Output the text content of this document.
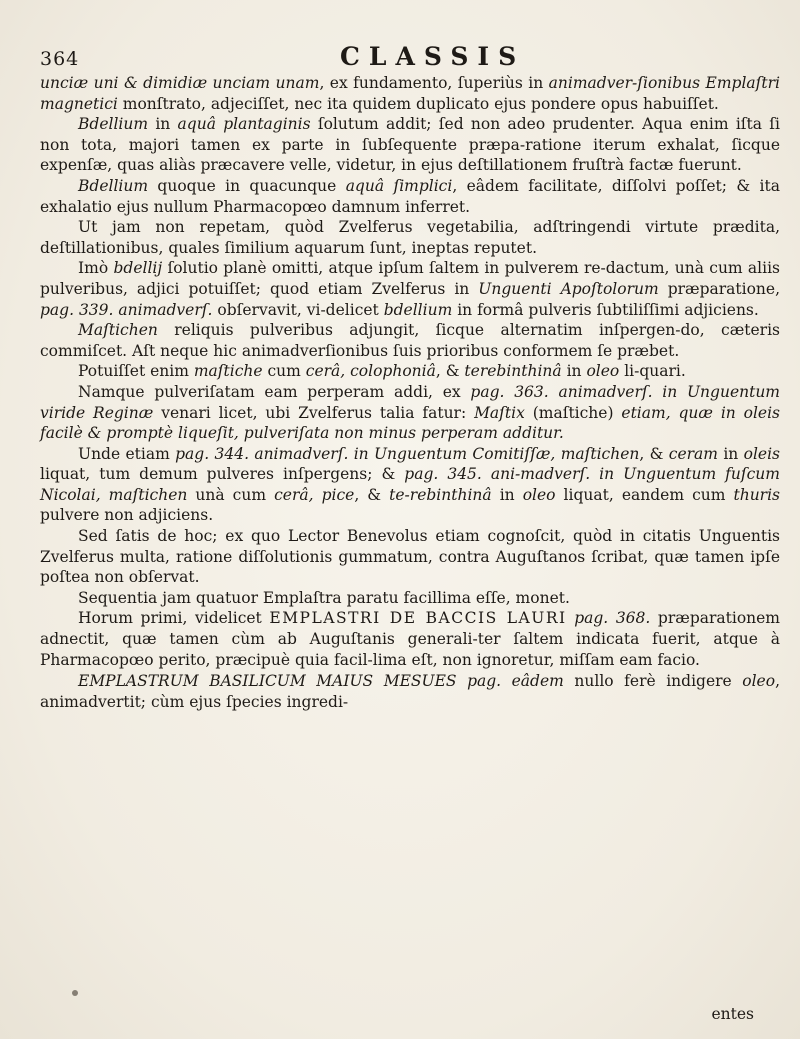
364	CLASSIS

unciæ uni & dimidiæ unciam unam, ex fundamento, ſuperiùs in animadver-ſionibus Emplaſtri magnetici monſtrato, adjeciſſet, nec ita quidem duplicato ejus pondere opus habuiſſet.

Bdellium in aquâ plantaginis ſolutum addit; ſed non adeo prudenter. Aqua enim iſta ſi non tota, majori tamen ex parte in ſubſequente præpa-ratione iterum exhalat, ſicque expenſæ, quas aliàs præcavere velle, videtur, in ejus deſtillationem fruſtrà factæ fuerunt.

Bdellium quoque in quacunque aquâ ſimplici, eâdem facilitate, diſſolvi poſſet; & ita exhalatio ejus nullum Pharmacopœo damnum inferret.

Ut jam non repetam, quòd Zvelferus vegetabilia, adſtringendi virtute prædita, deſtillationibus, quales ſimilium aquarum ſunt, ineptas reputet.

Imò bdellij ſolutio planè omitti, atque ipſum ſaltem in pulverem re-dactum, unà cum aliis pulveribus, adjici potuiſſet; quod etiam Zvelferus in Unguenti Apoſtolorum præparatione, pag. 339. animadverſ. obſervavit, vi-delicet bdellium in formâ pulveris ſubtiliſſimi adjiciens.

Maſtichen reliquis pulveribus adjungit, ſicque alternatim inſpergen-do, cæteris commiſcet. Aſt neque hic animadverſionibus ſuis prioribus conformem ſe præbet.

Potuiſſet enim maſtiche cum cerâ, colophoniâ, & terebinthinâ in oleo li-quari.

Namque pulveriſatam eam perperam addi, ex pag. 363. animadverſ. in Unguentum viride Reginæ venari licet, ubi Zvelferus talia fatur: Maſtix (maſtiche) etiam, quæ in oleis facilè & promptè liqueſit, pulveriſata non minus perperam additur.

Unde etiam pag. 344. animadverſ. in Unguentum Comitiſſæ, maſtichen, & ceram in oleis liquat, tum demum pulveres inſpergens; & pag. 345. ani-madverſ. in Unguentum fuſcum Nicolai, maſtichen unà cum cerâ, pice, & te-rebinthinâ in oleo liquat, eandem cum thuris pulvere non adjiciens.

Sed ſatis de hoc; ex quo Lector Benevolus etiam cognoſcit, quòd in citatis Unguentis Zvelferus multa, ratione diſſolutionis gummatum, contra Auguſtanos ſcribat, quæ tamen ipſe poſtea non obſervat.

Sequentia jam quatuor Emplaſtra paratu facillima eſſe, monet.

Horum primi, videlicet EMPLASTRI DE BACCIS LAURI pag. 368. præparationem adnectit, quæ tamen cùm ab Auguſtanis generali-ter ſaltem indicata fuerit, atque à Pharmacopœo perito, præcipuè quia facil-lima eſt, non ignoretur, miſſam eam facio.

EMPLASTRUM BASILICUM MAIUS MESUES pag. eâdem nullo ferè indigere oleo, animadvertit; cùm ejus ſpecies ingredi-

entes
